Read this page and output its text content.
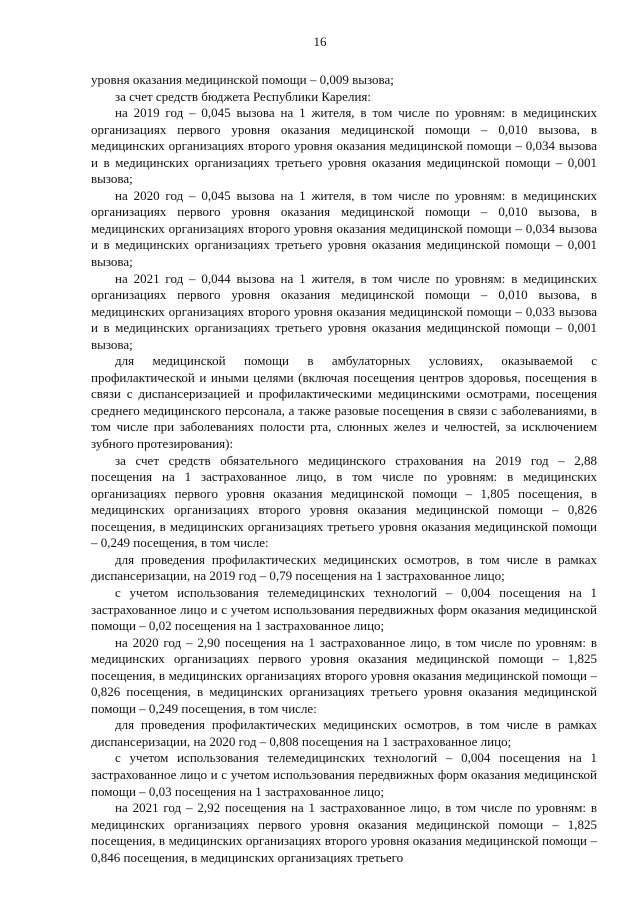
16

уровня оказания медицинской помощи – 0,009 вызова;

за счет средств бюджета Республики Карелия:

на 2019 год – 0,045 вызова на 1 жителя, в том числе по уровням: в медицинских организациях первого уровня оказания медицинской помощи – 0,010 вызова, в медицинских организациях второго уровня оказания медицинской помощи – 0,034 вызова и в медицинских организациях третьего уровня оказания медицинской помощи – 0,001 вызова;

на 2020 год – 0,045 вызова на 1 жителя, в том числе по уровням: в медицинских организациях первого уровня оказания медицинской помощи – 0,010 вызова, в медицинских организациях второго уровня оказания медицинской помощи – 0,034 вызова и в медицинских организациях третьего уровня оказания медицинской помощи – 0,001 вызова;

на 2021 год – 0,044 вызова на 1 жителя, в том числе по уровням: в медицинских организациях первого уровня оказания медицинской помощи – 0,010 вызова, в медицинских организациях второго уровня оказания медицинской помощи – 0,033 вызова и в медицинских организациях третьего уровня оказания медицинской помощи – 0,001 вызова;

для медицинской помощи в амбулаторных условиях, оказываемой с профилактической и иными целями (включая посещения центров здоровья, посещения в связи с диспансеризацией и профилактическими медицинскими осмотрами, посещения среднего медицинского персонала, а также разовые посещения в связи с заболеваниями, в том числе при заболеваниях полости рта, слюнных желез и челюстей, за исключением зубного протезирования):

за счет средств обязательного медицинского страхования на 2019 год – 2,88 посещения на 1 застрахованное лицо, в том числе по уровням: в медицинских организациях первого уровня оказания медицинской помощи – 1,805 посещения, в медицинских организациях второго уровня оказания медицинской помощи – 0,826 посещения, в медицинских организациях третьего уровня оказания медицинской помощи – 0,249 посещения, в том числе:

для проведения профилактических медицинских осмотров, в том числе в рамках диспансеризации, на 2019 год – 0,79 посещения на 1 застрахованное лицо;

с учетом использования телемедицинских технологий – 0,004 посещения на 1 застрахованное лицо и с учетом использования передвижных форм оказания медицинской помощи – 0,02 посещения на 1 застрахованное лицо;

на 2020 год – 2,90 посещения на 1 застрахованное лицо, в том числе по уровням: в медицинских организациях первого уровня оказания медицинской помощи – 1,825 посещения, в медицинских организациях второго уровня оказания медицинской помощи – 0,826 посещения, в медицинских организациях третьего уровня оказания медицинской помощи – 0,249 посещения, в том числе:

для проведения профилактических медицинских осмотров, в том числе в рамках диспансеризации, на 2020 год – 0,808 посещения на 1 застрахованное лицо;

с учетом использования телемедицинских технологий – 0,004 посещения на 1 застрахованное лицо и с учетом использования передвижных форм оказания медицинской помощи – 0,03 посещения на 1 застрахованное лицо;

на 2021 год – 2,92 посещения на 1 застрахованное лицо, в том числе по уровням: в медицинских организациях первого уровня оказания медицинской помощи – 1,825 посещения, в медицинских организациях второго уровня оказания медицинской помощи – 0,846 посещения, в медицинских организациях третьего
